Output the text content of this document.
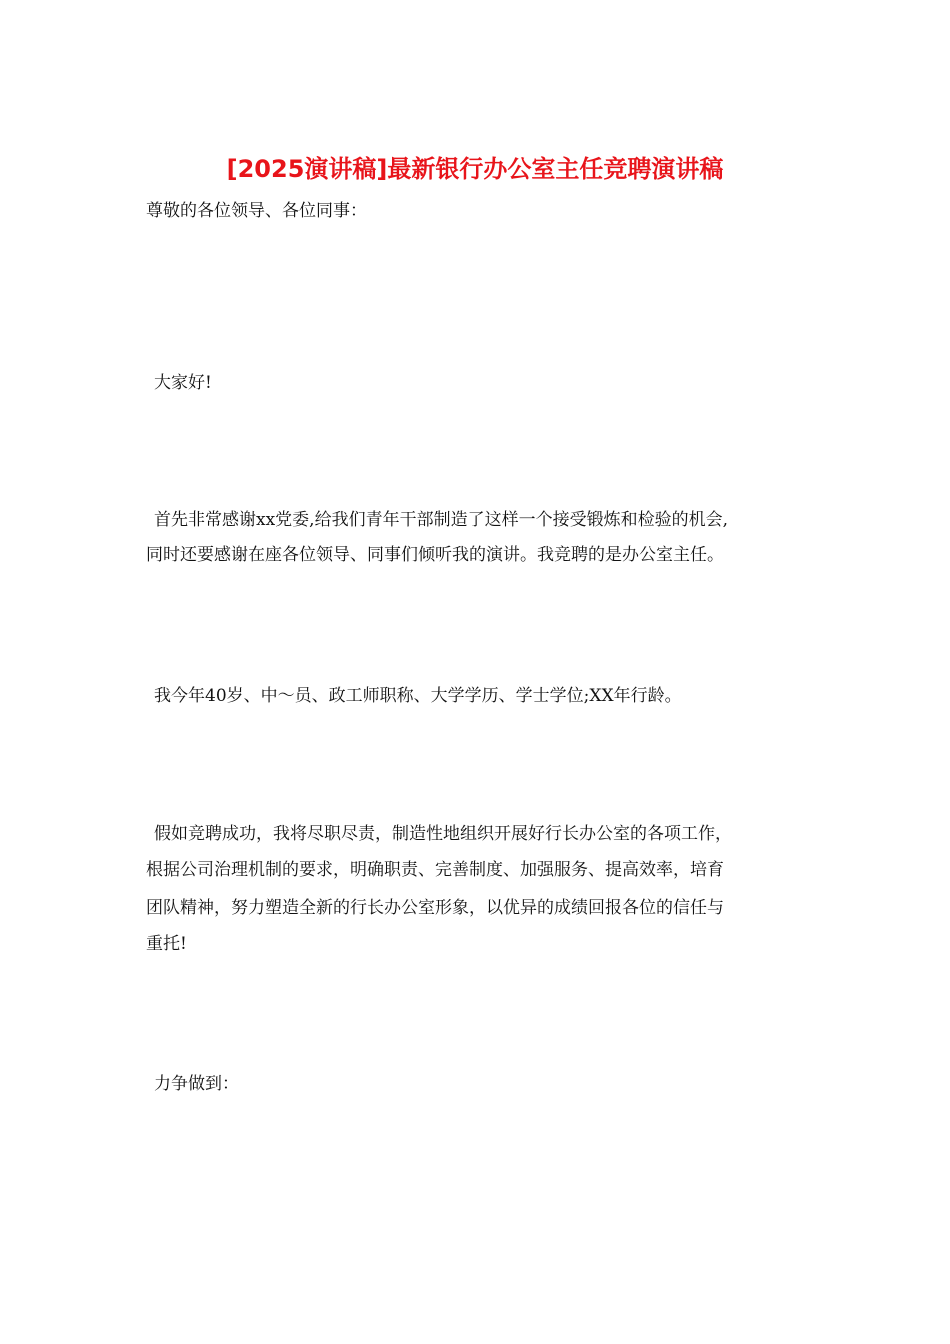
[2025演讲稿]最新银行办公室主任竞聘演讲稿

尊敬的各位领导、各位同事：

大家好!

首先非常感谢xx党委,给我们青年干部制造了这样一个接受锻炼和检验的机会,

同时还要感谢在座各位领导、同事们倾听我的演讲。我竞聘的是办公室主任。

我今年40岁、中～员、政工师职称、大学学历、学士学位;XX年行龄。

假如竞聘成功，我将尽职尽责，制造性地组织开展好行长办公室的各项工作，

根据公司治理机制的要求，明确职责、完善制度、加强服务、提高效率，培育

团队精神，努力塑造全新的行长办公室形象，以优异的成绩回报各位的信任与

重托!

力争做到：
